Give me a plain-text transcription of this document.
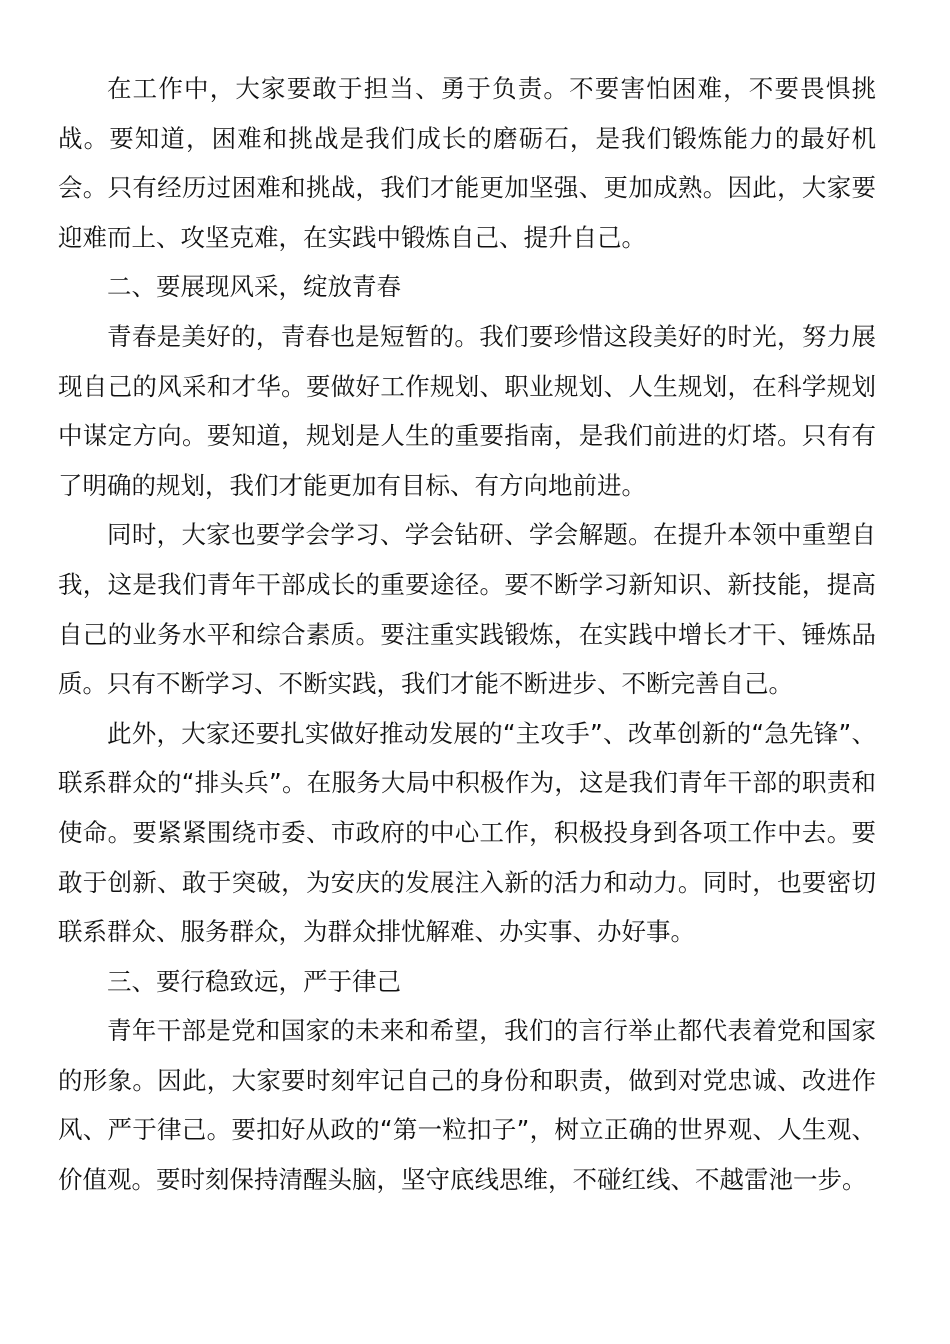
在工作中，大家要敢于担当、勇于负责。不要害怕困难，不要畏惧挑战。要知道，困难和挑战是我们成长的磨砺石，是我们锻炼能力的最好机会。只有经历过困难和挑战，我们才能更加坚强、更加成熟。因此，大家要迎难而上、攻坚克难，在实践中锻炼自己、提升自己。

二、要展现风采，绽放青春

青春是美好的，青春也是短暂的。我们要珍惜这段美好的时光，努力展现自己的风采和才华。要做好工作规划、职业规划、人生规划，在科学规划中谋定方向。要知道，规划是人生的重要指南，是我们前进的灯塔。只有有了明确的规划，我们才能更加有目标、有方向地前进。

同时，大家也要学会学习、学会钻研、学会解题。在提升本领中重塑自我，这是我们青年干部成长的重要途径。要不断学习新知识、新技能，提高自己的业务水平和综合素质。要注重实践锻炼，在实践中增长才干、锤炼品质。只有不断学习、不断实践，我们才能不断进步、不断完善自己。

此外，大家还要扎实做好推动发展的“主攻手”、改革创新的“急先锋”、联系群众的“排头兵”。在服务大局中积极作为，这是我们青年干部的职责和使命。要紧紧围绕市委、市政府的中心工作，积极投身到各项工作中去。要敢于创新、敢于突破，为安庆的发展注入新的活力和动力。同时，也要密切联系群众、服务群众，为群众排忧解难、办实事、办好事。

三、要行稳致远，严于律己

青年干部是党和国家的未来和希望，我们的言行举止都代表着党和国家的形象。因此，大家要时刻牢记自己的身份和职责，做到对党忠诚、改进作风、严于律己。要扣好从政的“第一粒扣子”，树立正确的世界观、人生观、价值观。要时刻保持清醒头脑，坚守底线思维，不碰红线、不越雷池一步。
